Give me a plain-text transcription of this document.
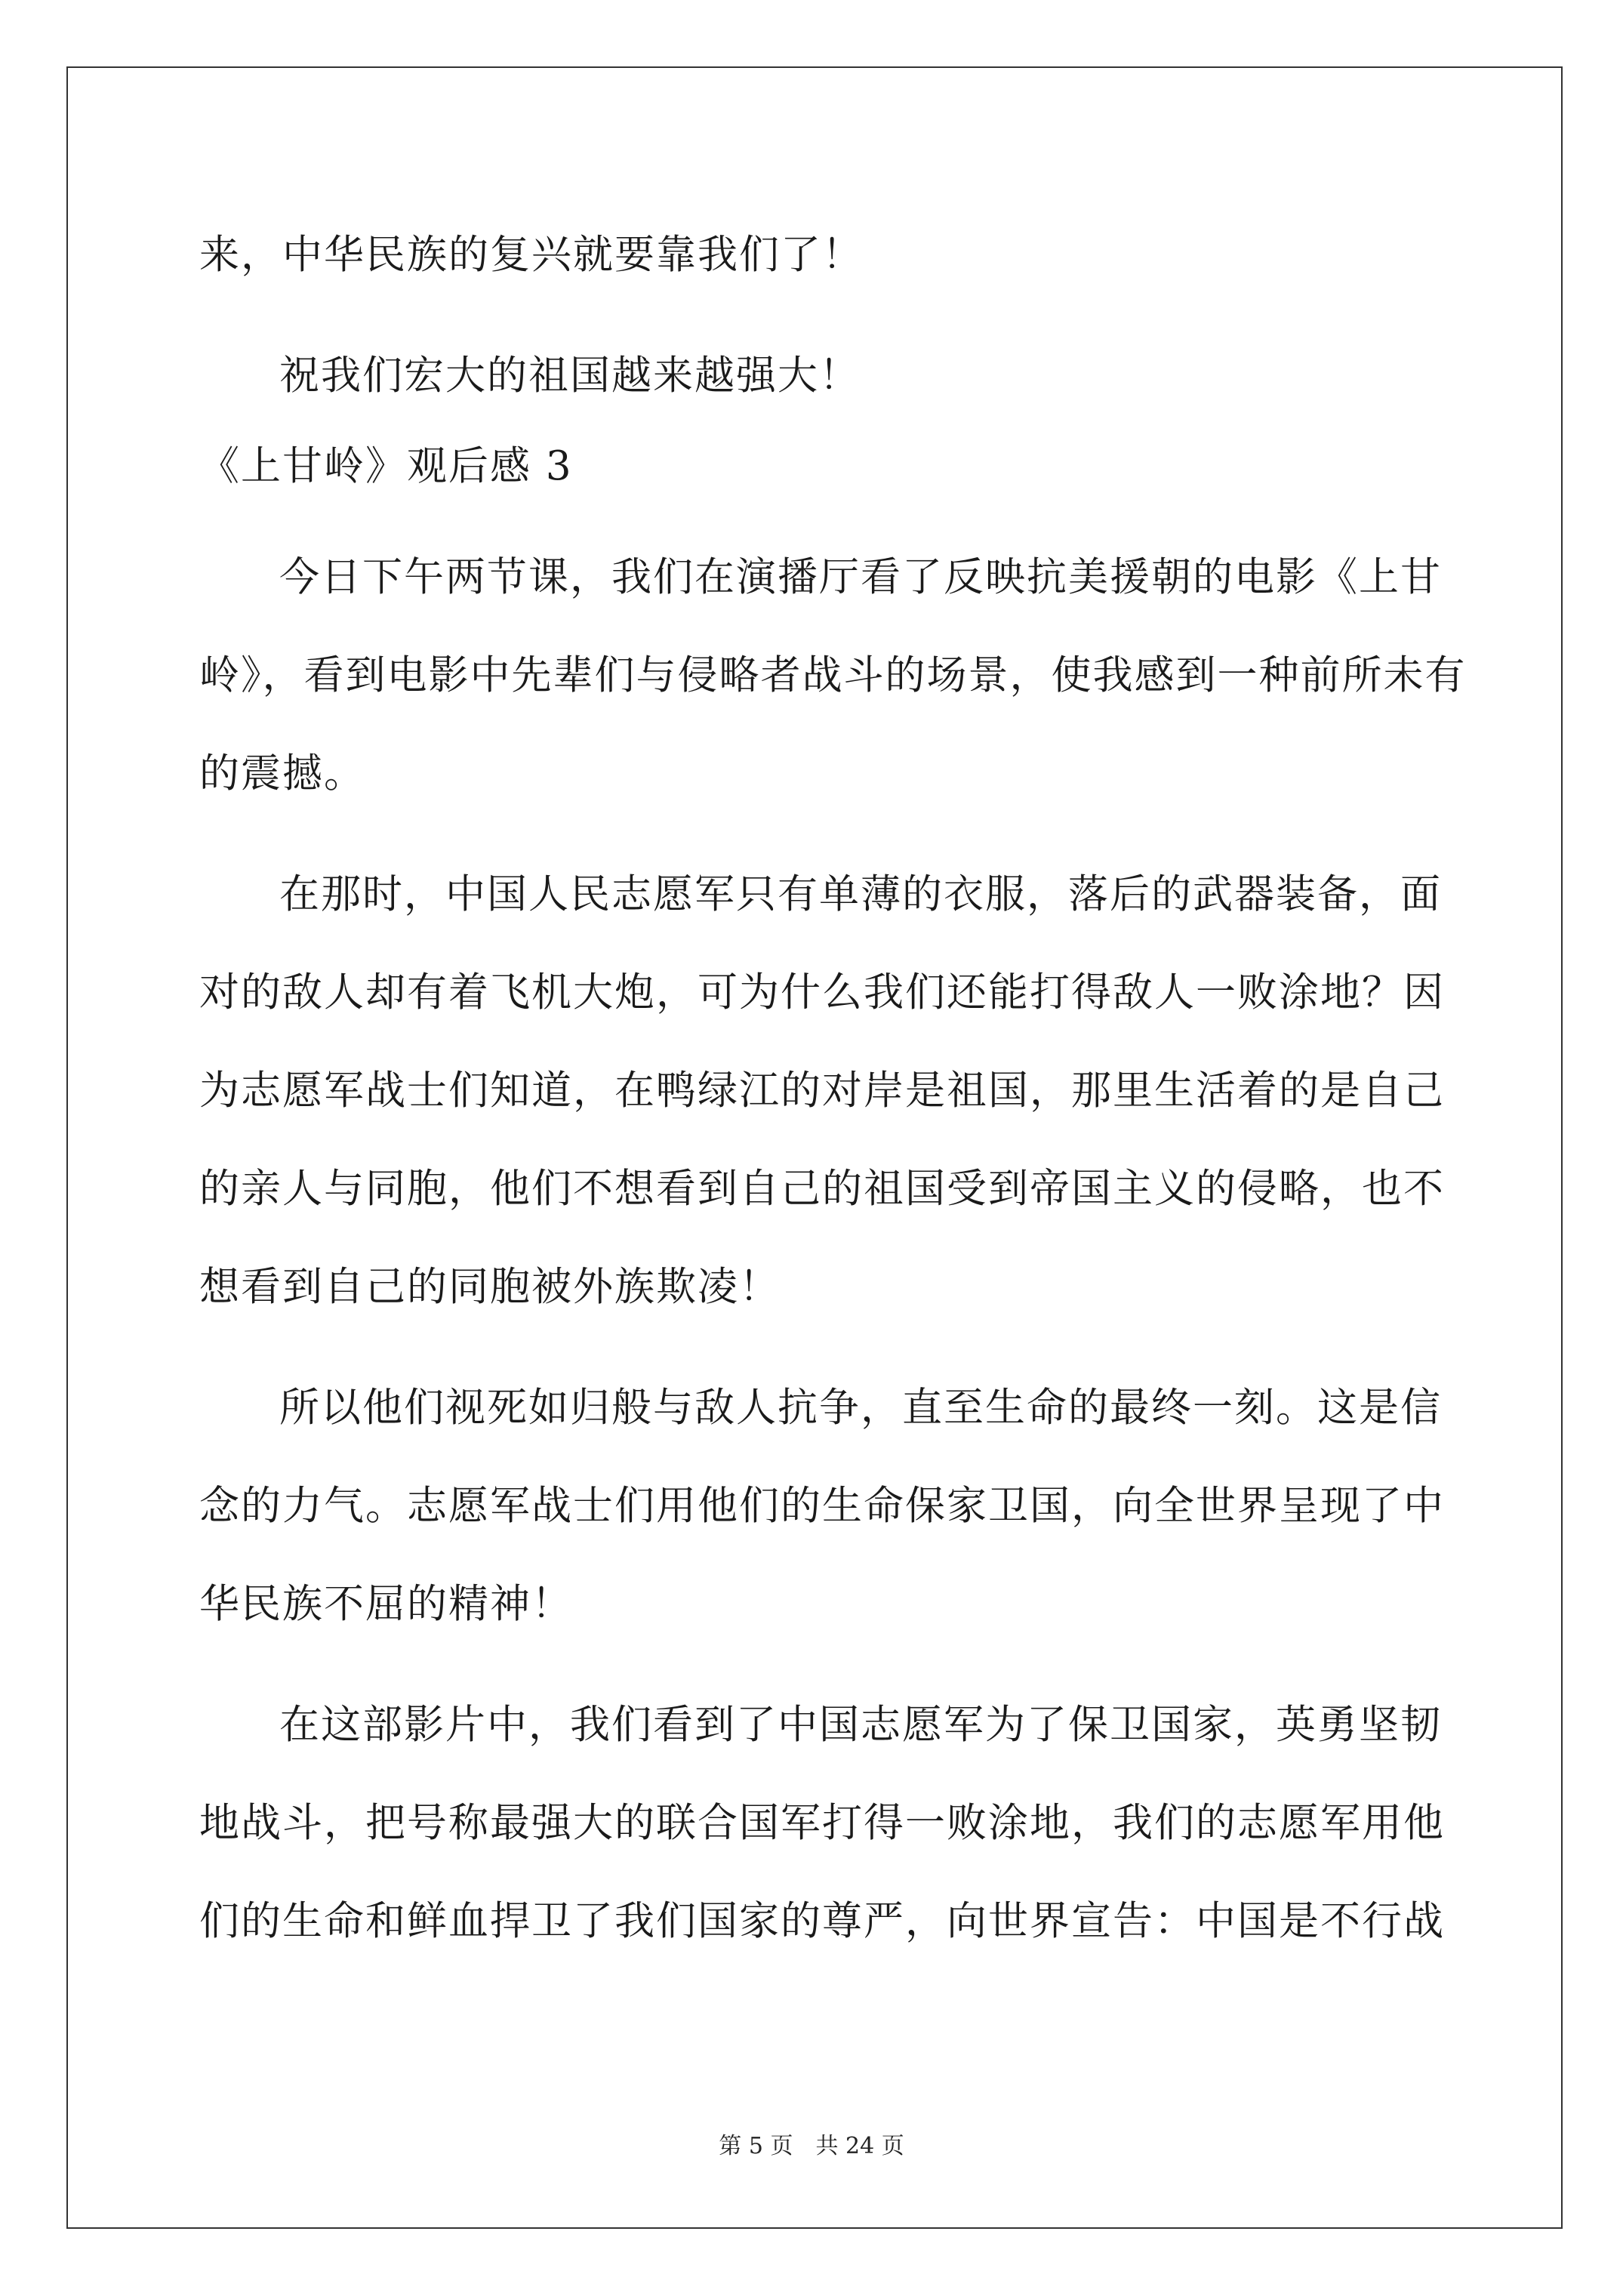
来，中华民族的复兴就要靠我们了！
祝我们宏大的祖国越来越强大！
《上甘岭》观后感 3
今日下午两节课，我们在演播厅看了反映抗美援朝的电影《上甘
岭》，看到电影中先辈们与侵略者战斗的场景，使我感到一种前所未有
的震撼。
在那时，中国人民志愿军只有单薄的衣服，落后的武器装备，面
对的敌人却有着飞机大炮，可为什么我们还能打得敌人一败涂地？因
为志愿军战士们知道，在鸭绿江的对岸是祖国，那里生活着的是自己
的亲人与同胞，他们不想看到自己的祖国受到帝国主义的侵略，也不
想看到自己的同胞被外族欺凌！
所以他们视死如归般与敌人抗争，直至生命的最终一刻。这是信
念的力气。志愿军战士们用他们的生命保家卫国，向全世界呈现了中
华民族不屈的精神！
在这部影片中，我们看到了中国志愿军为了保卫国家，英勇坚韧
地战斗，把号称最强大的联合国军打得一败涂地，我们的志愿军用他
们的生命和鲜血捍卫了我们国家的尊严，向世界宣告：中国是不行战
第 5 页　共 24 页
